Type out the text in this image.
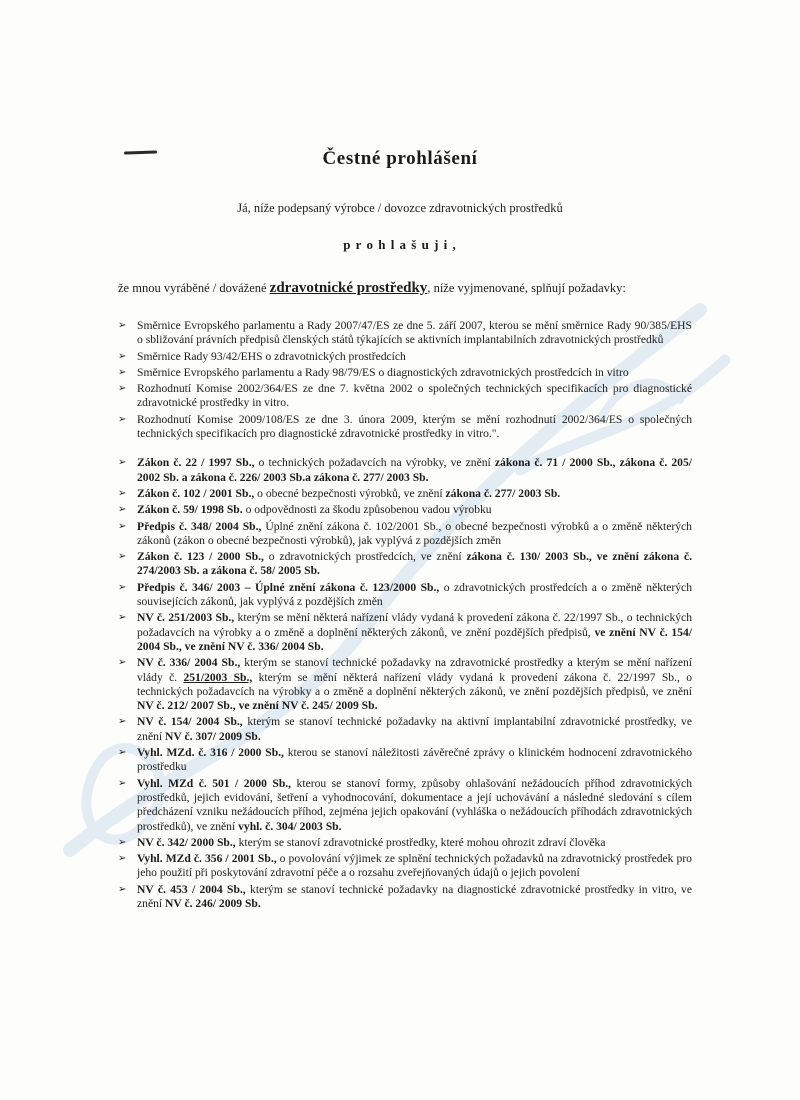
Čestné prohlášení

Já, níže podepsaný výrobce / dovozce zdravotnických prostředků

p r o h l a š u j i ,

že mnou vyráběné / dovážené zdravotnické prostředky, níže vyjmenované, splňují požadavky:

➢ Směrnice Evropského parlamentu a Rady 2007/47/ES ze dne 5. září 2007, kterou se mění směrnice Rady 90/385/EHS o sbližování právních předpisů členských států týkajících se aktivních implantabilních zdravotnických prostředků
➢ Směrnice Rady 93/42/EHS o zdravotnických prostředcích
➢ Směrnice Evropského parlamentu a Rady 98/79/ES o diagnostických zdravotnických prostředcích in vitro
➢ Rozhodnutí Komise 2002/364/ES ze dne 7. května 2002 o společných technických specifikacích pro diagnostické zdravotnické prostředky in vitro.
➢ Rozhodnutí Komise 2009/108/ES ze dne 3. února 2009, kterým se mění rozhodnutí 2002/364/ES o společných technických specifikacích pro diagnostické zdravotnické prostředky in vitro.".
➢ Zákon č. 22 / 1997 Sb., o technických požadavcích na výrobky, ve znění zákona č. 71 / 2000 Sb., zákona č. 205/ 2002 Sb. a zákona č. 226/ 2003 Sb.a zákona č. 277/ 2003 Sb.
➢ Zákon č. 102 / 2001 Sb., o obecné bezpečnosti výrobků, ve znění zákona č. 277/ 2003 Sb.
➢ Zákon č. 59/ 1998 Sb. o odpovědnosti za škodu způsobenou vadou výrobku
➢ Předpis č. 348/ 2004 Sb., Úplné znění zákona č. 102/2001 Sb., o obecné bezpečnosti výrobků a o změně některých zákonů (zákon o obecné bezpečnosti výrobků), jak vyplývá z pozdějších změn
➢ Zákon č. 123 / 2000 Sb., o zdravotnických prostředcích, ve znění zákona č. 130/ 2003 Sb., ve znění zákona č. 274/2003 Sb. a zákona č. 58/ 2005 Sb.
➢ Předpis č. 346/ 2003 – Úplné znění zákona č. 123/2000 Sb., o zdravotnických prostředcích a o změně některých souvisejících zákonů, jak vyplývá z pozdějších změn
➢ NV č. 251/2003 Sb., kterým se mění některá nařízení vlády vydaná k provedení zákona č. 22/1997 Sb., o technických požadavcích na výrobky a o změně a doplnění některých zákonů, ve znění pozdějších předpisů, ve znění NV č. 154/ 2004 Sb., ve znění NV č. 336/ 2004 Sb.
➢ NV č. 336/ 2004 Sb., kterým se stanoví technické požadavky na zdravotnické prostředky a kterým se mění nařízení vlády č. 251/2003 Sb., kterým se mění některá nařízení vlády vydaná k provedení zákona č. 22/1997 Sb., o technických požadavcích na výrobky a o změně a doplnění některých zákonů, ve znění pozdějších předpisů, ve znění NV č. 212/ 2007 Sb., ve znění NV č. 245/ 2009 Sb.
➢ NV č. 154/ 2004 Sb., kterým se stanoví technické požadavky na aktivní implantabilní zdravotnické prostředky, ve znění NV č. 307/ 2009 Sb.
➢ Vyhl. MZd. č. 316 / 2000 Sb., kterou se stanoví náležitosti závěrečné zprávy o klinickém hodnocení zdravotnického prostředku
➢ Vyhl. MZd č. 501 / 2000 Sb., kterou se stanoví formy, způsoby ohlašování nežádoucích příhod zdravotnických prostředků, jejich evidování, šetření a vyhodnocování, dokumentace a její uchovávání a následné sledování s cílem předcházení vzniku nežádoucích příhod, zejména jejich opakování (vyhláška o nežádoucích příhodách zdravotnických prostředků), ve znění vyhl. č. 304/ 2003 Sb.
➢ NV č. 342/ 2000 Sb., kterým se stanoví zdravotnické prostředky, které mohou ohrozit zdraví člověka
➢ Vyhl. MZd č. 356 / 2001 Sb., o povolování výjimek ze splnění technických požadavků na zdravotnický prostředek pro jeho použití při poskytování zdravotní péče a o rozsahu zveřejňovaných údajů o jejich povolení
➢ NV č. 453 / 2004 Sb., kterým se stanoví technické požadavky na diagnostické zdravotnické prostředky in vitro, ve znění NV č. 246/ 2009 Sb.
